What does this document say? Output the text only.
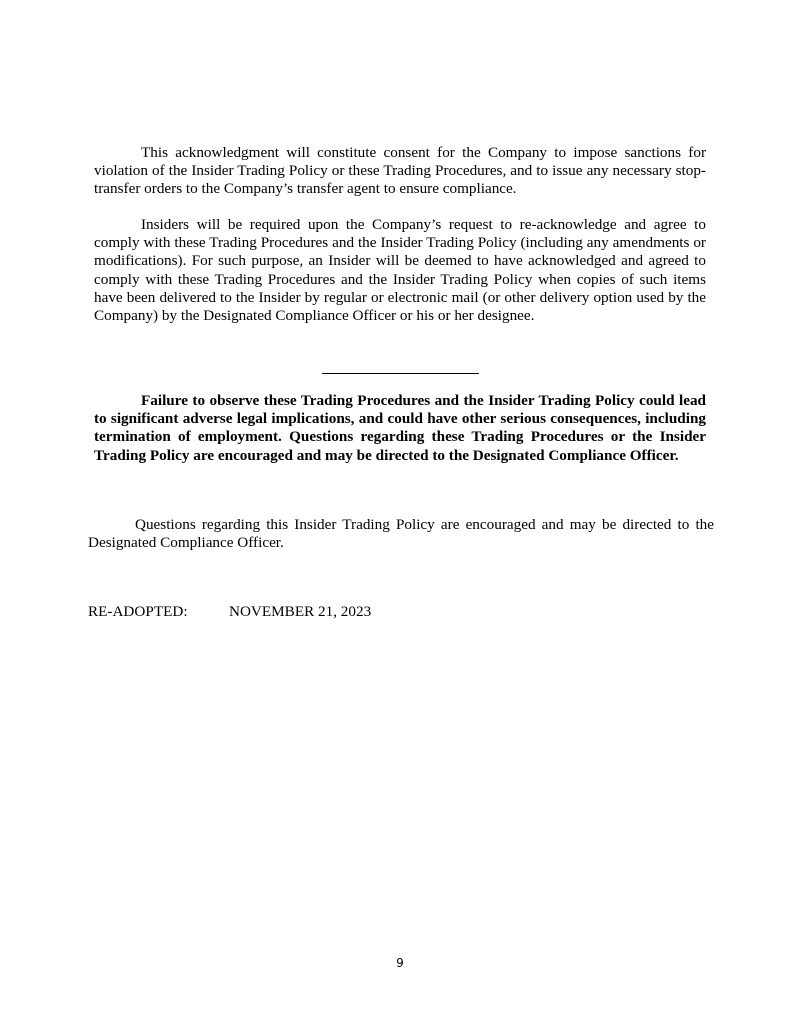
This acknowledgment will constitute consent for the Company to impose sanctions for violation of the Insider Trading Policy or these Trading Procedures, and to issue any necessary stop-transfer orders to the Company’s transfer agent to ensure compliance.

Insiders will be required upon the Company’s request to re-acknowledge and agree to comply with these Trading Procedures and the Insider Trading Policy (including any amendments or modifications). For such purpose, an Insider will be deemed to have acknowledged and agreed to comply with these Trading Procedures and the Insider Trading Policy when copies of such items have been delivered to the Insider by regular or electronic mail (or other delivery option used by the Company) by the Designated Compliance Officer or his or her designee.

Failure to observe these Trading Procedures and the Insider Trading Policy could lead to significant adverse legal implications, and could have other serious consequences, including termination of employment. Questions regarding these Trading Procedures or the Insider Trading Policy are encouraged and may be directed to the Designated Compliance Officer.

Questions regarding this Insider Trading Policy are encouraged and may be directed to the Designated Compliance Officer.

RE-ADOPTED:	NOVEMBER 21, 2023

9
